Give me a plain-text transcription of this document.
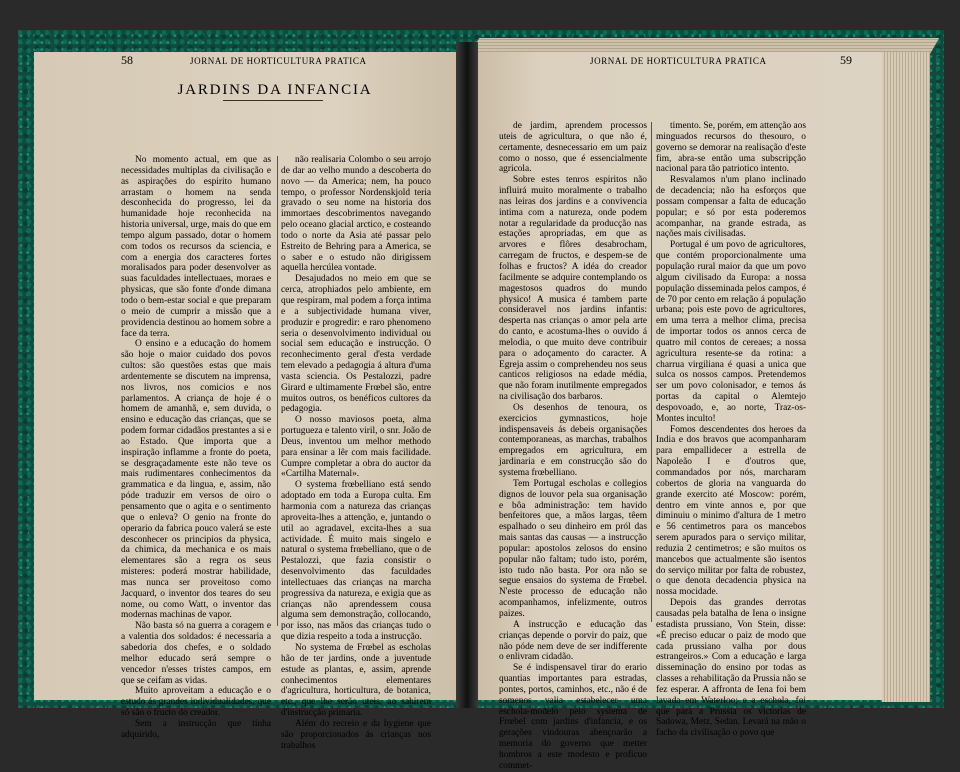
58	JORNAL DE HORTICULTURA PRATICA
JARDINS DA INFANCIA

No momento actual, em que as necessidades multiplas da civilisação e as aspirações do espirito humano arrastam o homem na senda desconhecida do progresso, lei da humanidade hoje reconhecida na historia universal, urge, mais do que em tempo algum passado, dotar o homem com todos os recursos da sciencia, e com a energia dos caracteres fortes moralisados para poder desenvolver as suas faculdades intellectuaes, moraes e physicas, que são fonte d'onde dimana todo o bem-estar social e que preparam o meio de cumprir a missão que a providencia destinou ao homem sobre a face da terra.

O ensino e a educação do homem são hoje o maior cuidado dos povos cultos: são questões estas que mais ardentemente se discutem na imprensa, nos livros, nos comicios e nos parlamentos. A criança de hoje é o homem de amanhã, e, sem duvida, o ensino e educação das crianças, que se podem formar cidadãos prestantes a si e ao Estado. Que importa que a inspiração inflamme a fronte do poeta, se desgraçadamente este não teve os mais rudimentares conhecimentos da grammatica e da lingua, e, assim, não póde traduzir em versos de oiro o pensamento que o agita e o sentimento que o enleva? O genio na fronte do operario da fabrica pouco valerá se este desconhecer os principios da physica, da chimica, da mechanica e os mais elementares são a regra os seus misteres: poderá mostrar habilidade, mas nunca ser proveitoso como Jacquard, o inventor dos teares do seu nome, ou como Watt, o inventor das modernas machinas de vapor.

Não basta só na guerra a coragem e a valentia dos soldados: é necessaria a sabedoria dos chefes, e o soldado melhor educado será sempre o vencedor n'esses tristes campos, em que se ceifam as vidas.

Muito aproveitam a educação e o estudo ás grandes individualidades, que só são o fructo do creador.

Sem a instrucção que tinha adquirido,

não realisaria Colombo o seu arrojo de dar ao velho mundo a descoberta do novo — da America; nem, ha pouco tempo, o professor Nordenskjold teria gravado o seu nome na historia dos immortaes descobrimentos navegando pelo oceano glacial arctico, e costeando todo o norte da Asia até passar pelo Estreito de Behring para a America, se o saber e o estudo não dirigissem aquella hercúlea vontade.

Desajudados no meio em que se cerca, atrophiados pelo ambiente, em que respiram, mal podem a força intima e a subjectividade humana viver, produzir e progredir: e raro phenomeno seria o desenvolvimento individual ou social sem educação e instrucção. O reconhecimento geral d'esta verdade tem elevado a pedagogia á altura d'uma vasta sciencia. Os Pestalozzi, padre Girard e ultimamente Frœbel são, entre muitos outros, os benéficos cultores da pedagogia.

O nosso maviosos poeta, alma portugueza e talento viril, o snr. João de Deus, inventou um melhor methodo para ensinar a lêr com mais facilidade. Cumpre completar a obra do auctor da «Cartilha Maternal».

O systema frœbelliano está sendo adoptado em toda a Europa culta. Em harmonia com a natureza das crianças aproveita-lhes a attenção, e, juntando o util ao agradavel, excita-lhes a sua actividade. É muito mais singelo e natural o systema frœbelliano, que o de Pestalozzi, que fazia consistir o desenvolvimento das faculdades intellectuaes das crianças na marcha progressiva da natureza, e exigia que as crianças não aprendessem cousa alguma sem demonstração, collocando, por isso, nas mãos das crianças tudo o que dizia respeito a toda a instrucção.

No systema de Frœbel as escholas hão de ter jardins, onde a juventude estude as plantas, e, assim, aprende conhecimentos elementares d'agricultura, horticultura, de botanica, etc., que lhe serão uteis, ao sahirem d'instrucção primaria.

Além do recreio e da hygiene que são proporcionados ás crianças nos trabalhos

JORNAL DE HORTICULTURA PRATICA	59

de jardim, aprendem processos uteis de agricultura, o que não é, certamente, desnecessario em um paiz como o nosso, que é essencialmente agricola.

Sobre estes tenros espiritos não influirá muito moralmente o trabalho nas leiras dos jardins e a convivencia intima com a natureza, onde podem notar a regularidade da producção nas estações apropriadas, em que as arvores e flôres desabrocham, carregam de fructos, e despem-se de folhas e fructos? A idéa do creador facilmente se adquire contemplando os magestosos quadros do mundo physico! A musica é tambem parte consideravel nos jardins infantis: desperta nas crianças o amor pela arte do canto, e acostuma-lhes o ouvido á melodia, o que muito deve contribuir para o adoçamento do caracter. A Egreja assim o comprehendeu nos seus canticos religiosos na edade média, que não foram inutilmente empregados na civilisação dos barbaros.

Os desenhos de tenoura, os exercicios gymnasticos, hoje indispensaveis ás debeis organisações contemporaneas, as marchas, trabalhos empregados em agricultura, em jardinaria e em construcção são do systema frœbelliano.

Tem Portugal escholas e collegios dignos de louvor pela sua organisação e bôa administração: tem havido benfeitores que, a mãos largas, têem espalhado o seu dinheiro em pról das mais santas das causas — a instrucção popular: apostolos zelosos do ensino popular não faltam; tudo isto, porém, isto tudo não basta. Por ora não se segue ensaios do systema de Frœbel. N'este processo de educação não acompanhamos, infelizmente, outros paizes.

A instrucção e educação das crianças depende o porvir do paiz, que não póde nem deve de ser indifferente o enlivram cidadão.

Se é indispensavel tirar do erario quantias importantes para estradas, pontes, portos, caminhos, etc., não é de somenos valia estabelecer uma eschola-modelo pelo systema de Frœbel com jardins d'infancia, e os gerações vindouras abençoarão a memoria do governo que metter hombros a este modesto e proficuo commet-

timento. Se, porém, em attenção aos minguados recursos do thesouro, o governo se demorar na realisação d'este fim, abra-se então uma subscripção nacional para tão patriotico intento.

Resvalamos n'um plano inclinado de decadencia; não ha esforços que possam compensar a falta de educação popular; e só por esta poderemos acompanhar, na grande estrada, as nações mais civilisadas.

Portugal é um povo de agricultores, que contém proporcionalmente uma população rural maior da que um povo algum civilisado da Europa: a nossa população disseminada pelos campos, é de 70 por cento em relação á população urbana; pois este povo de agricultores, em uma terra a melhor clima, precisa de importar todos os annos cerca de quatro mil contos de cereaes; a nossa agricultura resente-se da rotina: a charrua virgiliana é quasi a unica que sulca os nossos campos. Pretendemos ser um povo colonisador, e temos ás portas da capital o Alemtejo despovoado, e, ao norte, Traz-os-Montes inculto!

Fomos descendentes dos heroes da India e dos bravos que acompanharam para empallidecer a estrella de Napoleão I e d'outros que, commandados por nós, marcharam cobertos de gloria na vanguarda do grande exercito até Moscow: porém, dentro em vinte annos e, por que diminuiu o minimo d'altura de 1 metro e 56 centimetros para os mancebos serem apurados para o serviço militar, reduzia 2 centimetros; e são muitos os mancebos que actualmente são isentos do serviço militar por falta de robustez, o que denota decadencia physica na nossa mocidade.

Depois das grandes derrotas causadas pela batalha de Iena o insigne estadista prussiano, Von Stein, disse: «É preciso educar o paiz de modo que cada prussiano valha por dous estrangeiros.» Com a educação e larga disseminação do ensino por todas as classes a rehabilitação da Prussia não se fez esperar. A affronta de Iena foi bem lavada em Waterloo; e a eschola, foi que para a Prussia os victorias de Sadowa, Metz, Sedan. Levará na mão o facho da civilisação o povo que
